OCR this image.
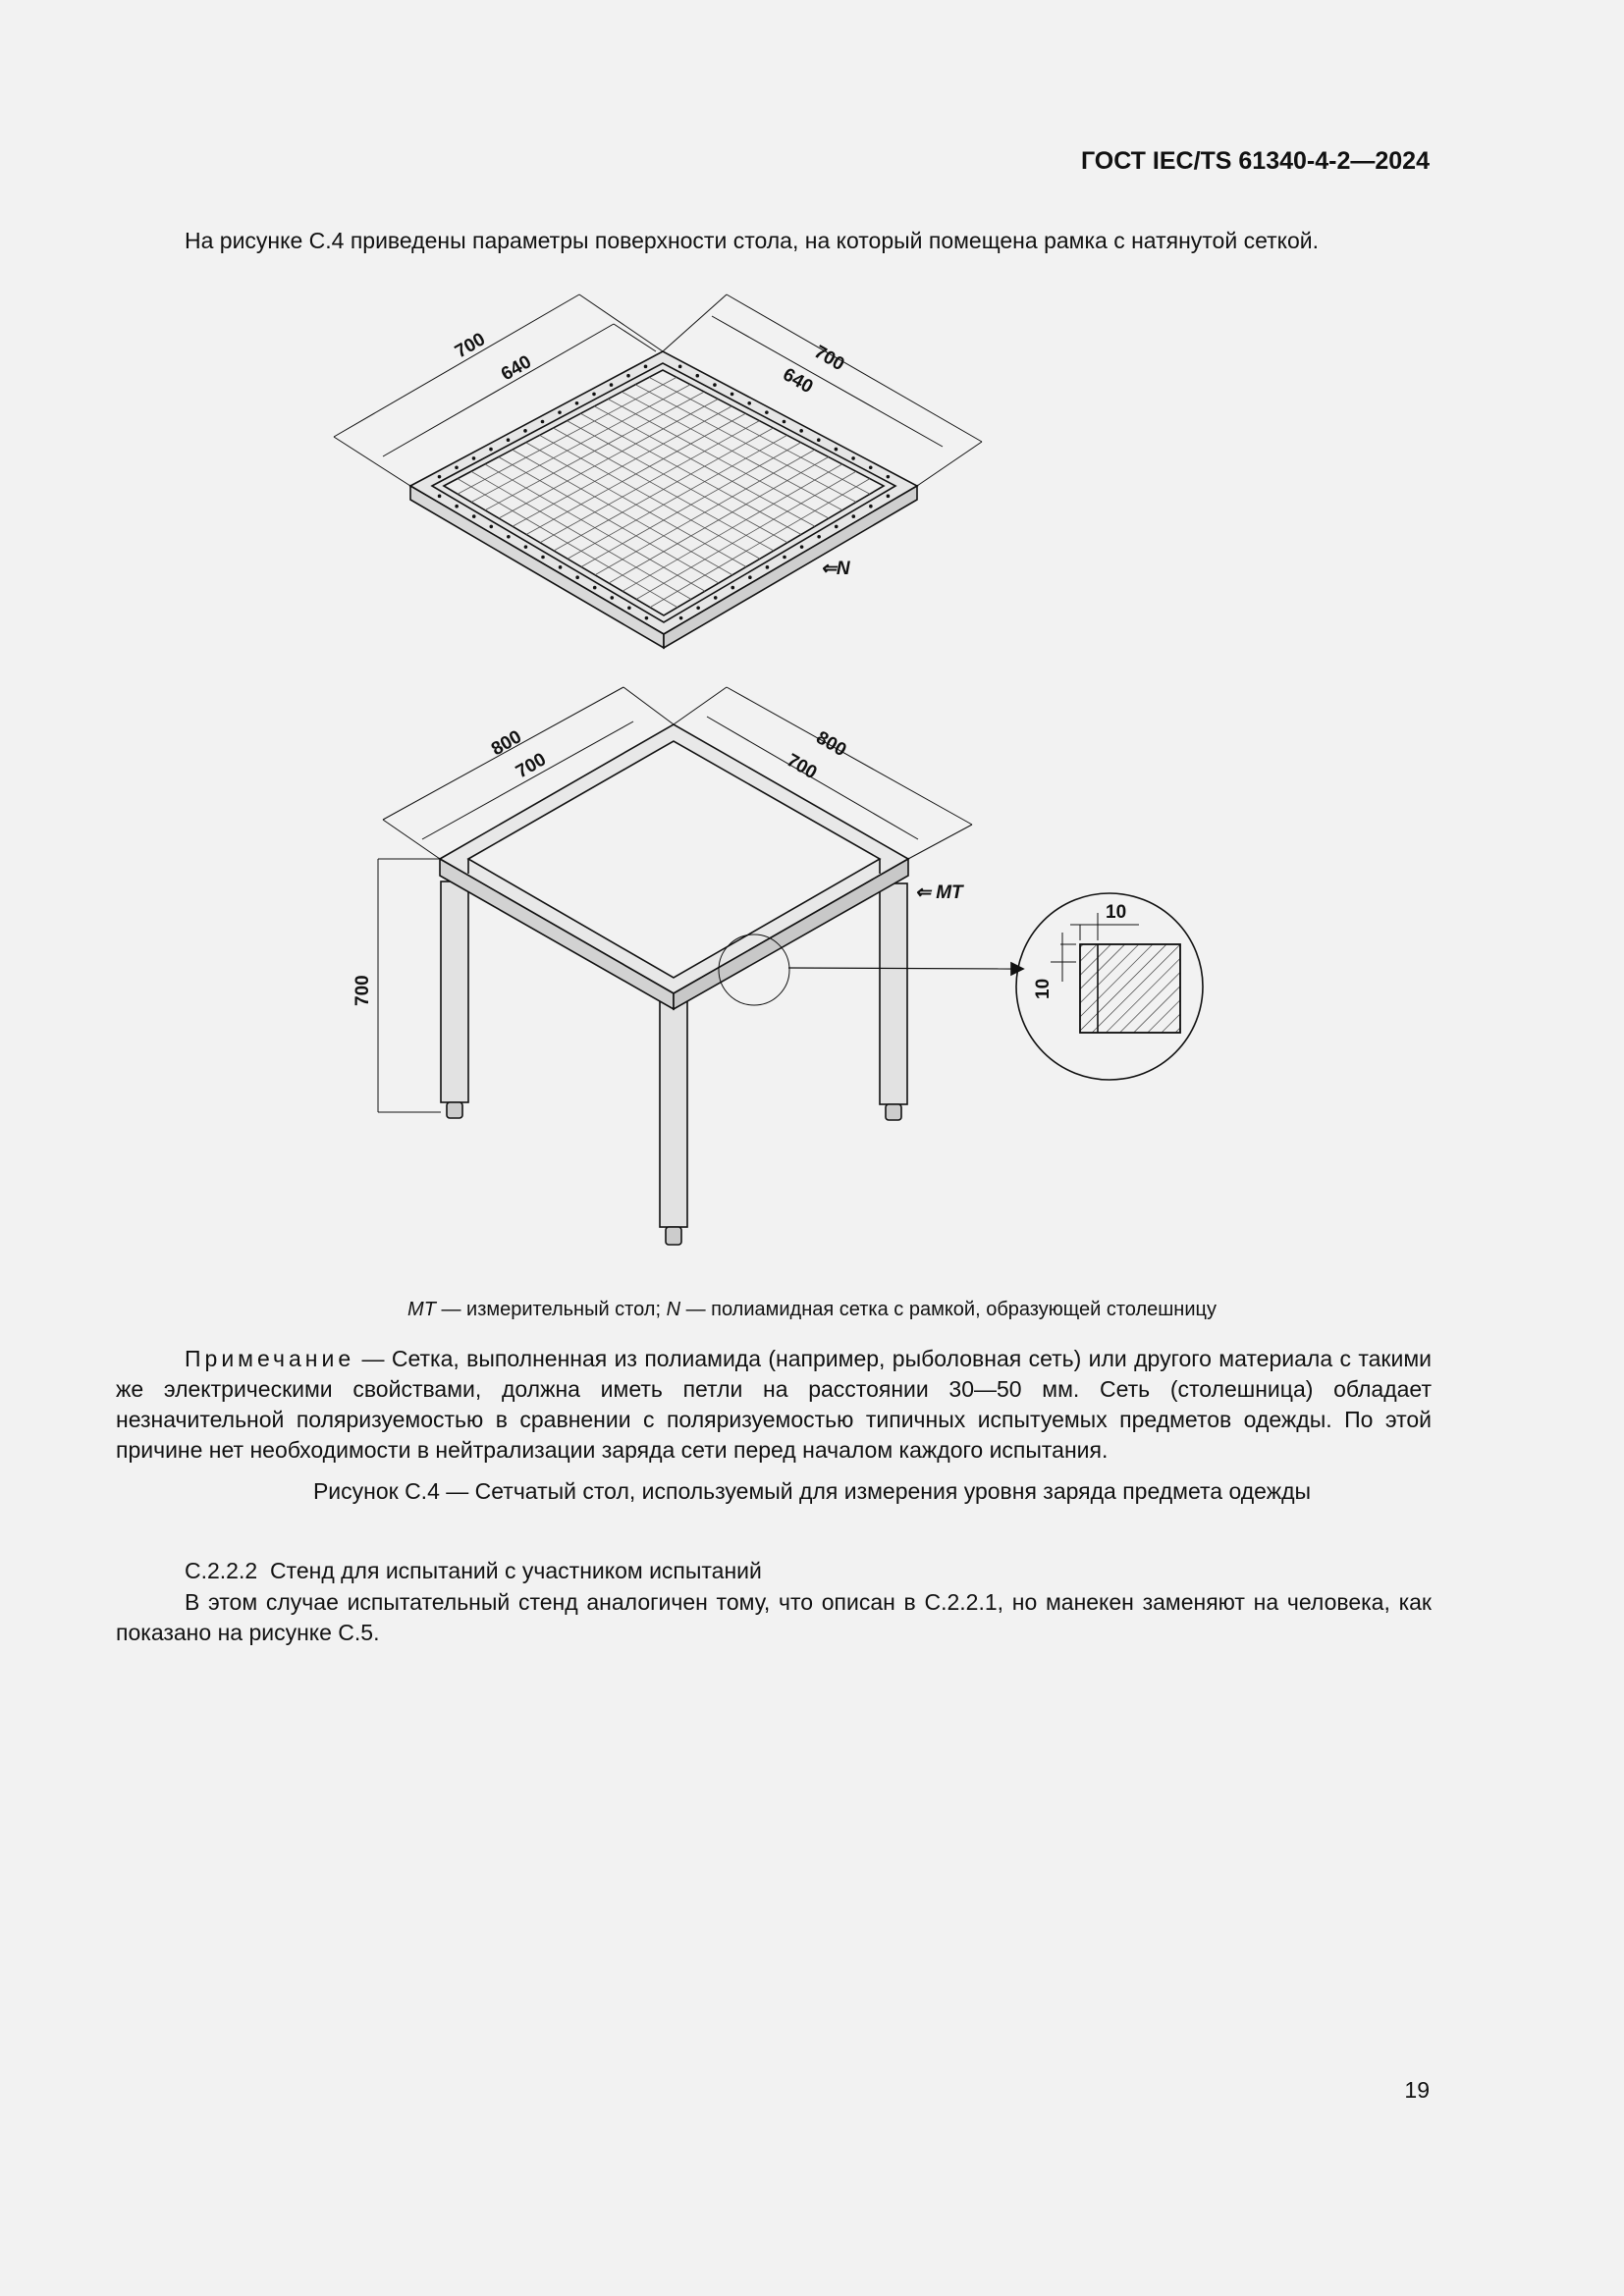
ГОСТ IEC/TS 61340-4-2—2024
На рисунке С.4 приведены параметры поверхности стола, на который помещена рамка с натянутой сеткой.
700
640	700
640
⇐N
800
700
800
700
700
⇐ MT
10
10
MT — измерительный стол; N — полиамидная сетка с рамкой, образующей столешницу
Примечание — Сетка, выполненная из полиамида (например, рыболовная сеть) или другого материала с такими же электрическими свойствами, должна иметь петли на расстоянии 30—50 мм. Сеть (столешница) обладает незначительной поляризуемостью в сравнении с поляризуемостью типичных испытуемых предметов одежды. По этой причине нет необходимости в нейтрализации заряда сети перед началом каждого испытания.
Рисунок С.4 — Сетчатый стол, используемый для измерения уровня заряда предмета одежды
С.2.2.2 Стенд для испытаний с участником испытаний
В этом случае испытательный стенд аналогичен тому, что описан в С.2.2.1, но манекен заменяют на человека, как показано на рисунке С.5.
19
